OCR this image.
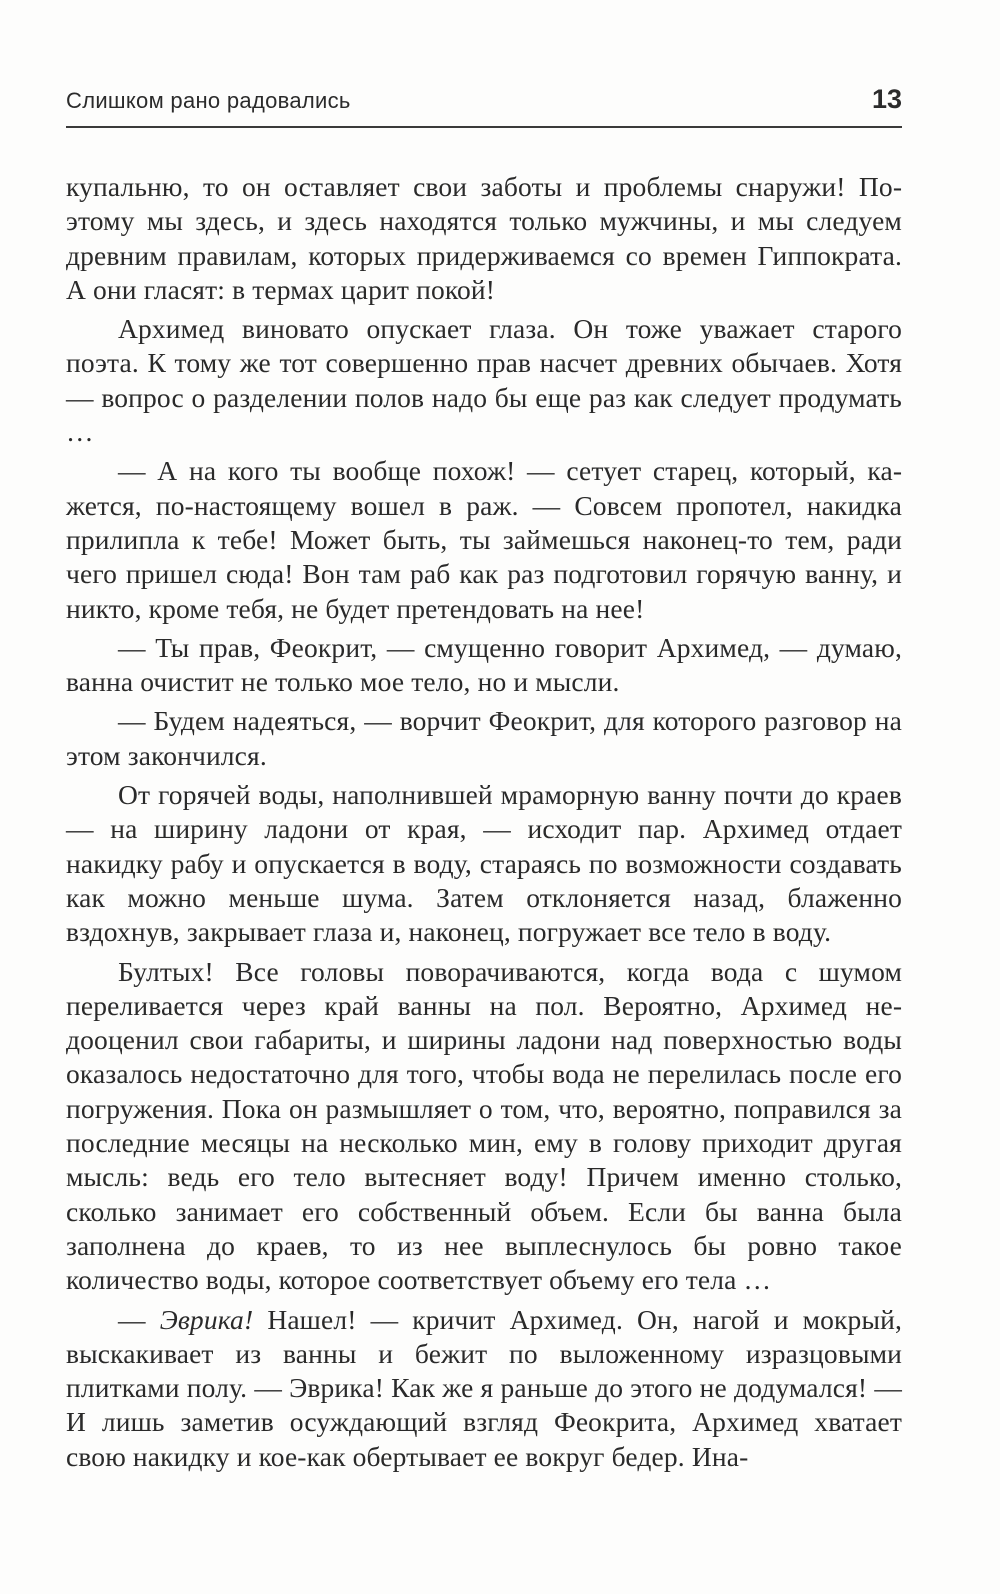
Слишком рано радовались	13

купальню, то он оставляет свои заботы и проблемы снаружи! Поэтому мы здесь, и здесь находятся только мужчины, и мы следуем древним правилам, которых придерживаемся со времен Гиппократа. А они гласят: в термах царит покой!

Архимед виновато опускает глаза. Он тоже уважает старого поэта. К тому же тот совершенно прав насчет древних обычаев. Хотя — вопрос о разделении полов надо бы еще раз как следует продумать …

— А на кого ты вообще похож! — сетует старец, который, кажется, по-настоящему вошел в раж. — Совсем пропотел, накидка прилипла к тебе! Может быть, ты займешься наконец-то тем, ради чего пришел сюда! Вон там раб как раз подготовил горячую ванну, и никто, кроме тебя, не будет претендовать на нее!

— Ты прав, Феокрит, — смущенно говорит Архимед, — думаю, ванна очистит не только мое тело, но и мысли.

— Будем надеяться, — ворчит Феокрит, для которого разговор на этом закончился.

От горячей воды, наполнившей мраморную ванну почти до краев — на ширину ладони от края, — исходит пар. Архимед отдает накидку рабу и опускается в воду, стараясь по возможности создавать как можно меньше шума. Затем отклоняется назад, блаженно вздохнув, закрывает глаза и, наконец, погружает все тело в воду.

Бултых! Все головы поворачиваются, когда вода с шумом переливается через край ванны на пол. Вероятно, Архимед недооценил свои габариты, и ширины ладони над поверхностью воды оказалось недостаточно для того, чтобы вода не перелилась после его погружения. Пока он размышляет о том, что, вероятно, поправился за последние месяцы на несколько мин, ему в голову приходит другая мысль: ведь его тело вытесняет воду! Причем именно столько, сколько занимает его собственный объем. Если бы ванна была заполнена до краев, то из нее выплеснулось бы ровно такое количество воды, которое соответствует объему его тела …

— Эврика! Нашел! — кричит Архимед. Он, нагой и мокрый, выскакивает из ванны и бежит по выложенному изразцовыми плитками полу. — Эврика! Как же я раньше до этого не додумался! — И лишь заметив осуждающий взгляд Феокрита, Архимед хватает свою накидку и кое-как обертывает ее вокруг бедер. Ина-
